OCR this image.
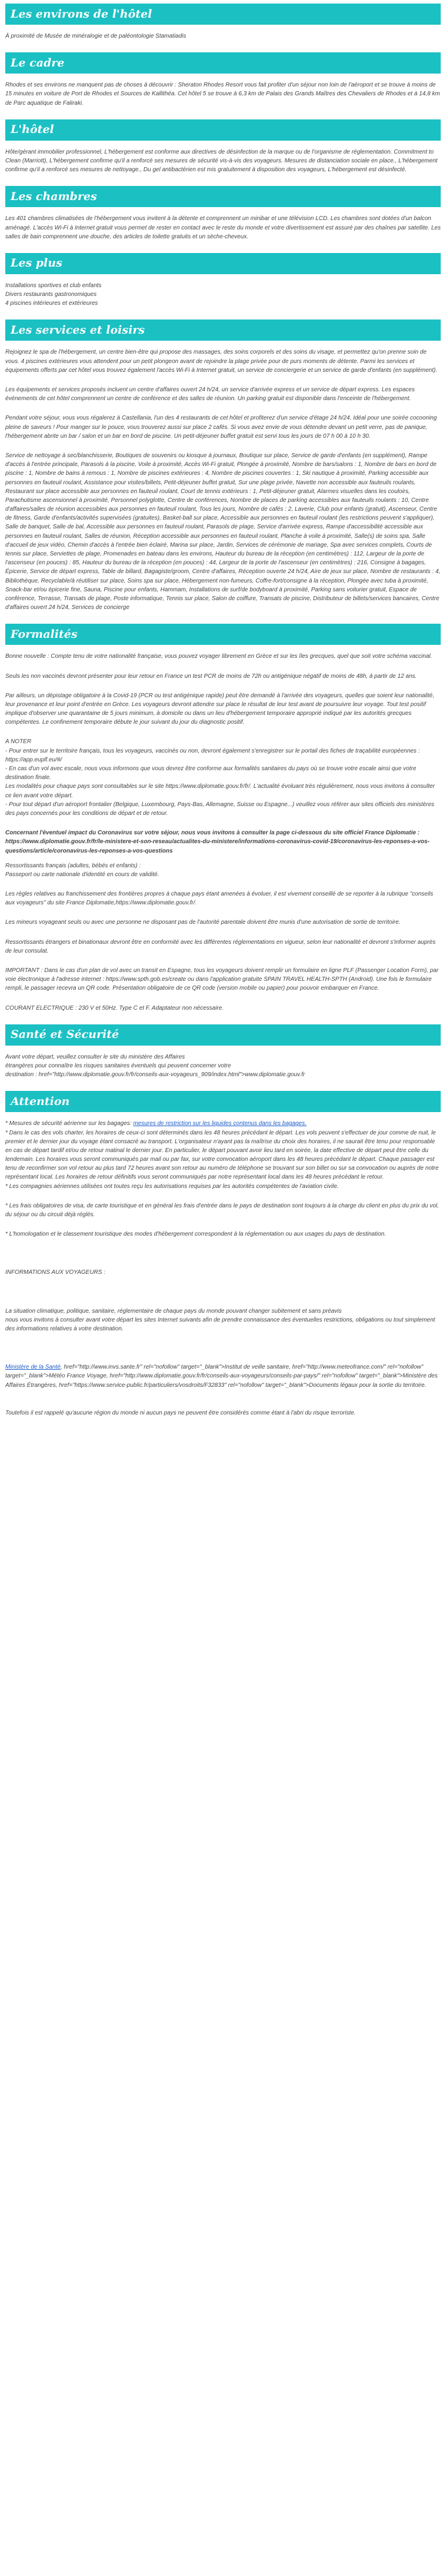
Les environs de l'hôtel

À proximité de Musée de minéralogie et de paléontologie Stamatiadis

Le cadre

Rhodes et ses environs ne manquent pas de choses à découvrir : Sheraton Rhodes Resort vous fait profiter d'un séjour non loin de l'aéroport et se trouve à moins de 15 minutes en voiture de Port de Rhodes et Sources de Kallithéa. Cet hôtel 5 se trouve à 6,3 km de Palais des Grands Maîtres des Chevaliers de Rhodes et à 14,8 km de Parc aquatique de Faliraki.

L'hôtel

Hôte/gérant immobilier professionnel, L'hébergement est conforme aux directives de désinfection de la marque ou de l'organisme de réglementation. Commitment to Clean (Marriott), L'hébergement confirme qu'il a renforcé ses mesures de sécurité vis-à-vis des voyageurs. Mesures de distanciation sociale en place., L'hébergement confirme qu'il a renforcé ses mesures de nettoyage., Du gel antibactérien est mis gratuitement à disposition des voyageurs, L'hébergement est désinfecté.

Les chambres

Les 401 chambres climatisées de l'hébergement vous invitent à la détente et comprennent un minibar et une télévision LCD. Les chambres sont dotées d'un balcon aménagé. L'accès Wi-Fi à Internet gratuit vous permet de rester en contact avec le reste du monde et votre divertissement est assuré par des chaînes par satellite. Les salles de bain comprennent une douche, des articles de toilette gratuits et un sèche-cheveux.

Les plus

Installations sportives et club enfants
Divers restaurants gastronomiques
4 piscines intérieures et extérieures

Les services et loisirs

Rejoignez le spa de l'hébergement, un centre bien-être qui propose des massages, des soins corporels et des soins du visage, et permettez qu'on prenne soin de vous. 4 piscines extérieures vous attendent pour un petit plongeon avant de rejoindre la plage privée pour de purs moments de détente. Parmi les services et équipements offerts par cet hôtel vous trouvez également l'accès Wi-Fi à Internet gratuit, un service de conciergerie et un service de garde d'enfants (en supplément).

Les équipements et services proposés incluent un centre d'affaires ouvert 24 h/24, un service d'arrivée express et un service de départ express. Les espaces événements de cet hôtel comprennent un centre de conférence et des salles de réunion. Un parking gratuit est disponible dans l'enceinte de l'hébergement.

Pendant votre séjour, vous vous régalerez à Castellania, l'un des 4 restaurants de cet hôtel et profiterez d'un service d'étage 24 h/24. Idéal pour une soirée cocooning pleine de saveurs ! Pour manger sur le pouce, vous trouverez aussi sur place 2 cafés. Si vous avez envie de vous détendre devant un petit verre, pas de panique, l'hébergement abrite un bar / salon et un bar en bord de piscine. Un petit-déjeuner buffet gratuit est servi tous les jours de 07 h 00 à 10 h 30.

Service de nettoyage à sec/blanchisserie, Boutiques de souvenirs ou kiosque à journaux, Boutique sur place, Service de garde d'enfants (en supplément), Rampe d'accès à l'entrée principale, Parasols à la piscine, Voile à proximité, Accès Wi-Fi gratuit, Plongée à proximité, Nombre de bars/salons : 1, Nombre de bars en bord de piscine : 1, Nombre de bains à remous : 1, Nombre de piscines extérieures : 4, Nombre de piscines couvertes : 1, Ski nautique à proximité, Parking accessible aux personnes en fauteuil roulant, Assistance pour visites/billets, Petit-déjeuner buffet gratuit, Sur une plage privée, Navette non accessible aux fauteuils roulants, Restaurant sur place accessible aux personnes en fauteuil roulant, Court de tennis extérieurs : 1, Petit-déjeuner gratuit, Alarmes visuelles dans les couloirs, Parachutisme ascensionnel à proximité, Personnel polyglotte, Centre de conférences, Nombre de places de parking accessibles aux fauteuils roulants : 10, Centre d'affaires/salles de réunion accessibles aux personnes en fauteuil roulant, Tous les jours, Nombre de cafés : 2, Laverie, Club pour enfants (gratuit), Ascenseur, Centre de fitness, Garde d'enfants/activités supervisées (gratuites), Basket-ball sur place, Accessible aux personnes en fauteuil roulant (les restrictions peuvent s'appliquer), Salle de banquet, Salle de bal, Accessible aux personnes en fauteuil roulant, Parasols de plage, Service d'arrivée express, Rampe d'accessibilité accessible aux personnes en fauteuil roulant, Salles de réunion, Réception accessible aux personnes en fauteuil roulant, Planche à voile à proximité, Salle(s) de soins spa, Salle d'accueil de jeux vidéo, Chemin d'accès à l'entrée bien éclairé, Marina sur place, Jardin, Services de cérémonie de mariage, Spa avec services complets, Courts de tennis sur place, Serviettes de plage, Promenades en bateau dans les environs, Hauteur du bureau de la réception (en centimètres) : 112, Largeur de la porte de l'ascenseur (en pouces) : 85, Hauteur du bureau de la réception (en pouces) : 44, Largeur de la porte de l'ascenseur (en centimètres) : 216, Consigne à bagages, Épicerie, Service de départ express, Table de billard, Bagagiste/groom, Centre d'affaires, Réception ouverte 24 h/24, Aire de jeux sur place, Nombre de restaurants : 4, Bibliothèque, Recyclable/à réutiliser sur place, Soins spa sur place, Hébergement non-fumeurs, Coffre-fort/consigne à la réception, Plongée avec tuba à proximité, Snack-bar et/ou épicerie fine, Sauna, Piscine pour enfants, Hammam, Installations de surf/de bodyboard à proximité, Parking sans voiturier gratuit, Espace de conférence, Terrasse, Transats de plage, Poste informatique, Tennis sur place, Salon de coiffure, Transats de piscine, Distributeur de billets/services bancaires, Centre d'affaires ouvert 24 h/24, Services de concierge

Formalités

Bonne nouvelle : Compte tenu de votre nationalité française, vous pouvez voyager librement en Grèce et sur les îles grecques, quel que soit votre schéma vaccinal.

Seuls les non vaccinés devront présenter pour leur retour en France un test PCR de moins de 72h ou antigénique négatif de moins de 48h, à partir de 12 ans.

Par ailleurs, un dépistage obligatoire à la Covid-19 (PCR ou test antigénique rapide) peut être demandé à l'arrivée des voyageurs, quelles que soient leur nationalité, leur provenance et leur point d'entrée en Grèce. Les voyageurs devront attendre sur place le résultat de leur test avant de poursuivre leur voyage. Tout test positif implique d'observer une quarantaine de 5 jours minimum, à domicile ou dans un lieu d'hébergement temporaire approprié indiqué par les autorités grecques compétentes. Le confinement temporaire débute le jour suivant du jour du diagnostic positif.

A NOTER
- Pour entrer sur le territoire français, tous les voyageurs, vaccinés ou non, devront également s'enregistrer sur le portail des fiches de traçabilité européennes : https://app.euplf.eu/#/
- En cas d'un vol avec escale, nous vous informons que vous devrez être conforme aux formalités sanitaires du pays où se trouve votre escale ainsi que votre destination finale.
Les modalités pour chaque pays sont consultables sur le site https://www.diplomatie.gouv.fr/fr/. L'actualité évoluant très régulièrement, nous vous invitons à consulter ce lien avant votre départ.
- Pour tout départ d'un aéroport frontalier (Belgique, Luxembourg, Pays-Bas, Allemagne, Suisse ou Espagne...) veuillez vous référer aux sites officiels des ministères des pays concernés pour les conditions de départ et de retour.

Concernant l'éventuel impact du Coronavirus sur votre séjour, nous vous invitons à consulter la page ci-dessous du site officiel France Diplomatie :
https://www.diplomatie.gouv.fr/fr/le-ministere-et-son-reseau/actualites-du-ministere/informations-coronavirus-covid-19/coronavirus-les-reponses-a-vos-questions/article/coronavirus-les-reponses-a-vos-questions

Ressortissants français (adultes, bébés et enfants) :
Passeport ou carte nationale d'identité en cours de validité.

Les règles relatives au franchissement des frontières propres à chaque pays étant amenées à évoluer, il est vivement conseillé de se reporter à la rubrique "conseils aux voyageurs" du site France Diplomatie,https://www.diplomatie.gouv.fr/.

Les mineurs voyageant seuls ou avec une personne ne disposant pas de l'autorité parentale doivent être munis d'une autorisation de sortie de territoire.

Ressortissants étrangers et binationaux devront être en conformité avec les différentes réglementations en vigueur, selon leur nationalité et devront s'informer auprès de leur consulat.

IMPORTANT : Dans le cas d'un plan de vol avec un transit en Espagne, tous les voyageurs doivent remplir un formulaire en ligne PLF (Passenger Location Form), par voie électronique à l'adresse internet : https://www.spth.gob.es/create ou dans l'application gratuite SPAIN TRAVEL HEALTH-SPTH (Android). Une fois le formulaire rempli, le passager recevra un QR code. Présentation obligatoire de ce QR code (version mobile ou papier) pour pouvoir embarquer en France.

COURANT ELECTRIQUE : 230 V et 50Hz. Type C et F. Adaptateur non nécessaire.

Santé et Sécurité

Avant votre départ, veuillez consulter le site du ministère des Affaires
étrangères pour connaître les risques sanitaires éventuels qui peuvent concerner votre
destination : href="http://www.diplomatie.gouv.fr/fr/conseils-aux-voyageurs_909/index.html">www.diplomatie.gouv.fr

Attention

* Mesures de sécurité aérienne sur les bagages: mesures de restriction sur les liquides contenus dans les bagages.
* Dans le cas des vols charter, les horaires de ceux-ci sont déterminés dans les 48 heures précédant le départ. Les vols peuvent s'effectuer de jour comme de nuit, le premier et le dernier jour du voyage étant consacré au transport. L'organisateur n'ayant pas la maîtrise du choix des horaires, il ne saurait être tenu pour responsable en cas de départ tardif et/ou de retour matinal le dernier jour. En particulier, le départ pouvant avoir lieu tard en soirée, la date effective de départ peut être celle du lendemain. Les horaires vous seront communiqués par mail ou par fax, sur votre convocation aéroport dans les 48 heures précédant le départ. Chaque passager est tenu de reconfirmer son vol retour au plus tard 72 heures avant son retour au numéro de téléphone se trouvant sur son billet ou sur sa convocation ou auprès de notre représentant local. Les horaires de retour définitifs vous seront communiqués par notre représentant local dans les 48 heures précédant le retour.
* Les compagnies aériennes utilisées ont toutes reçu les autorisations requises par les autorités compétentes de l'aviation civile.

* Les frais obligatoires de visa, de carte touristique et en général les frais d'entrée dans le pays de destination sont toujours à la charge du client en plus du prix du vol, du séjour ou du circuit déjà réglés.

* L'homologation et le classement touristique des modes d'hébergement correspondent à la réglementation ou aux usages du pays de destination.

INFORMATIONS AUX VOYAGEURS :

La situation climatique, politique, sanitaire, réglementaire de chaque pays du monde pouvant changer subitement et sans préavis
nous vous invitons à consulter avant votre départ les sites Internet suivants afin de prendre connaissance des éventuelles restrictions, obligations ou tout simplement des informations relatives à votre destination.

Ministère de la Santé, href="http://www.invs.sante.fr" rel="nofollow" target="_blank">Institut de veille sanitaire, href="http://www.meteofrance.com/" rel="nofollow" target="_blank">Météo France Voyage, href="http://www.diplomatie.gouv.fr/fr/conseils-aux-voyageurs/conseils-par-pays/" rel="nofollow" target="_blank">Ministère des Affaires Étrangères, href="https://www.service-public.fr/particuliers/vosdroits/F32833" rel="nofollow" target="_blank">Documents légaux pour la sortie du territoire.

Toutefois il est rappelé qu'aucune région du monde ni aucun pays ne peuvent être considérés comme étant à l'abri du risque terroriste.
